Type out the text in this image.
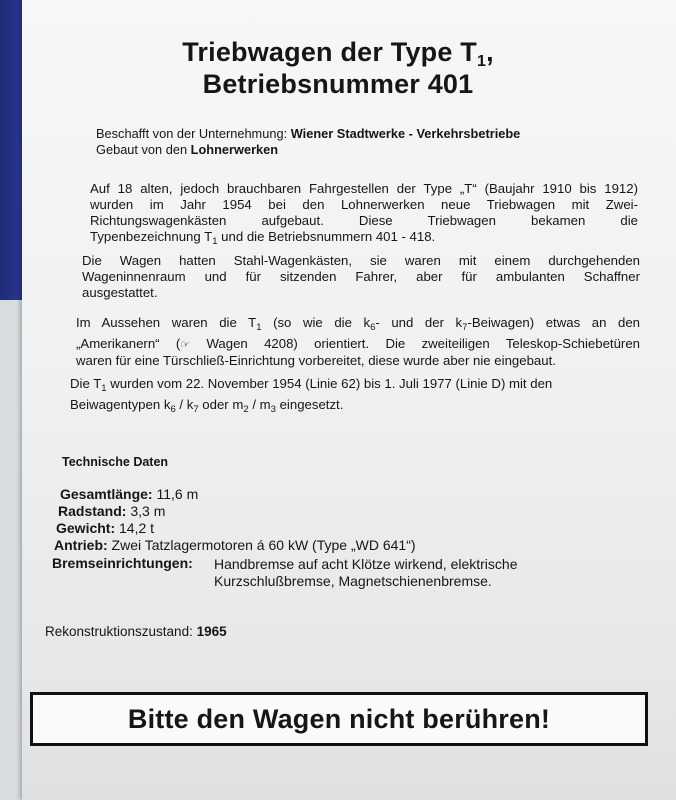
Triebwagen der Type $T_1$,
Betriebsnummer 401
Beschafft von der Unternehmung: Wiener Stadtwerke - Verkehrsbetriebe
Gebaut von den Lohnerwerken
Auf 18 alten, jedoch brauchbaren Fahrgestellen der Type „T“ (Baujahr 1910 bis 1912)
wurden im Jahr 1954 bei den Lohnerwerken neue Triebwagen mit Zwei-
Richtungswagenkästen aufgebaut. Diese Triebwagen bekamen die
Typenbezeichnung $T_1$ und die Betriebsnummern 401 - 418.
Die Wagen hatten Stahl-Wagenkästen, sie waren mit einem durchgehenden
Wageninnenraum und für sitzenden Fahrer, aber für ambulanten Schaffner
ausgestattet.
Im Aussehen waren die $T_1$ (so wie die $k_6-$ und der $k_7-Beiwagen$) etwas an den
„Amerikanern“ (☞ Wagen 4208) orientiert. Die zweiteiligen Teleskop-Schiebetüren
waren für eine Türschließ-Einrichtung vorbereitet, diese wurde aber nie eingebaut.
Die $T_1$ wurden vom 22. November 1954 (Linie 62) bis 1. Juli 1977 (Linie D) mit den
Beiwagentypen $k_6 / k_7$ oder $m_2 / m_3$ eingesetzt.
Technische Daten
Gesamtlänge: 11,6 m
Radstand: 3,3 m
Gewicht: 14,2 t
Antrieb: Zwei Tatzlagermotoren á 60 kW (Type „WD 641“)
Bremseinrichtungen: Handbremse auf acht Klötze wirkend, elektrische
Kurzschlußbremse, Magnetschienenbremse.
Rekonstruktionszustand: 1965
Bitte den Wagen nicht berühren!
